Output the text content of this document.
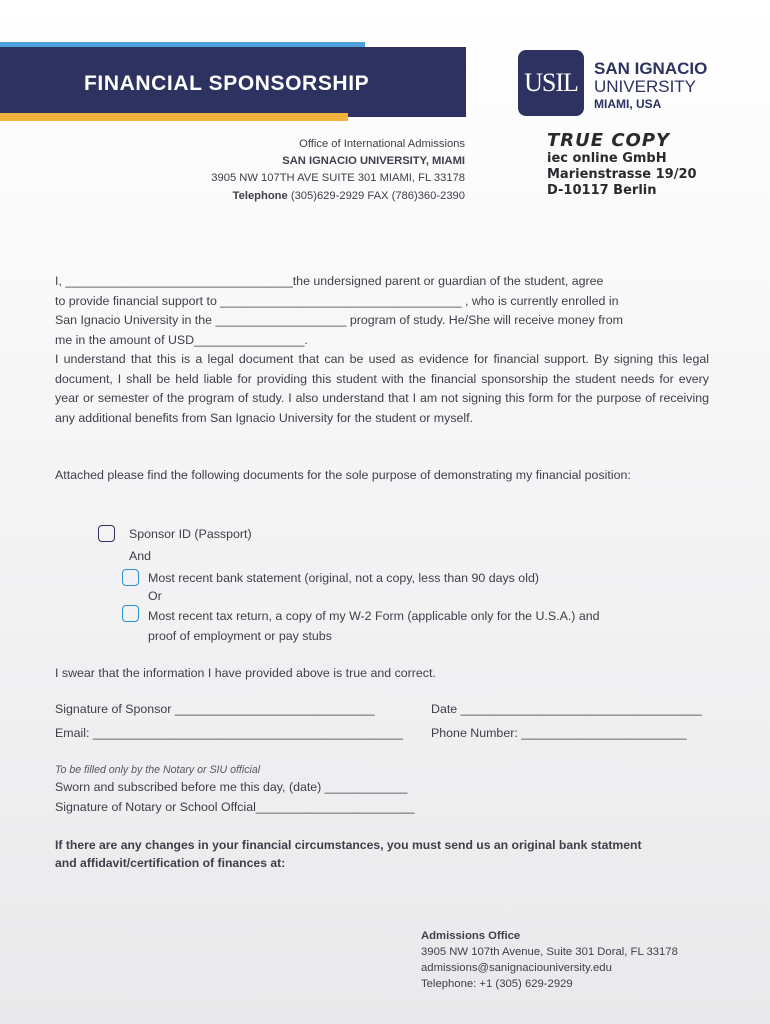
FINANCIAL SPONSORSHIP	USIL SAN IGNACIO
UNIVERSITY
MIAMI, USA
Office of International Admissions
SAN IGNACIO UNIVERSITY, MIAMI
3905 NW 107TH AVE SUITE 301 MIAMI, FL 33178
Telephone (305)629-2929 FAX (786)360-2390
TRUE COPY
iec online GmbH
Marienstrasse 19/20
D-10117 Berlin
I, _________________________________the undersigned parent or guardian of the student, agree
to provide financial support to ___________________________________ , who is currently enrolled in
San Ignacio University in the ___________________ program of study. He/She will receive money from
me in the amount of USD________________.
I understand that this is a legal document that can be used as evidence for financial support. By signing this legal document, I shall be held liable for providing this student with the financial sponsorship the student needs for every year or semester of the program of study. I also understand that I am not signing this form for the purpose of receiving any additional benefits from San Ignacio University for the student or myself.
Attached please find the following documents for the sole purpose of demonstrating my financial position:
Sponsor ID (Passport)
And
Most recent bank statement (original, not a copy, less than 90 days old)
Or
Most recent tax return, a copy of my W-2 Form (applicable only for the U.S.A.) and
proof of employment or pay stubs
I swear that the information I have provided above is true and correct.
Signature of Sponsor _____________________________	Date ___________________________________
Email: _____________________________________________ Phone Number: ________________________
To be filled only by the Notary or SIU official
Sworn and subscribed before me this day, (date) ____________
Signature of Notary or School Offcial_______________________
If there are any changes in your financial circumstances, you must send us an original bank statment
and affidavit/certification of finances at:
Admissions Office
3905 NW 107th Avenue, Suite 301 Doral, FL 33178
admissions@sanignaciouniversity.edu
Telephone: +1 (305) 629-2929
